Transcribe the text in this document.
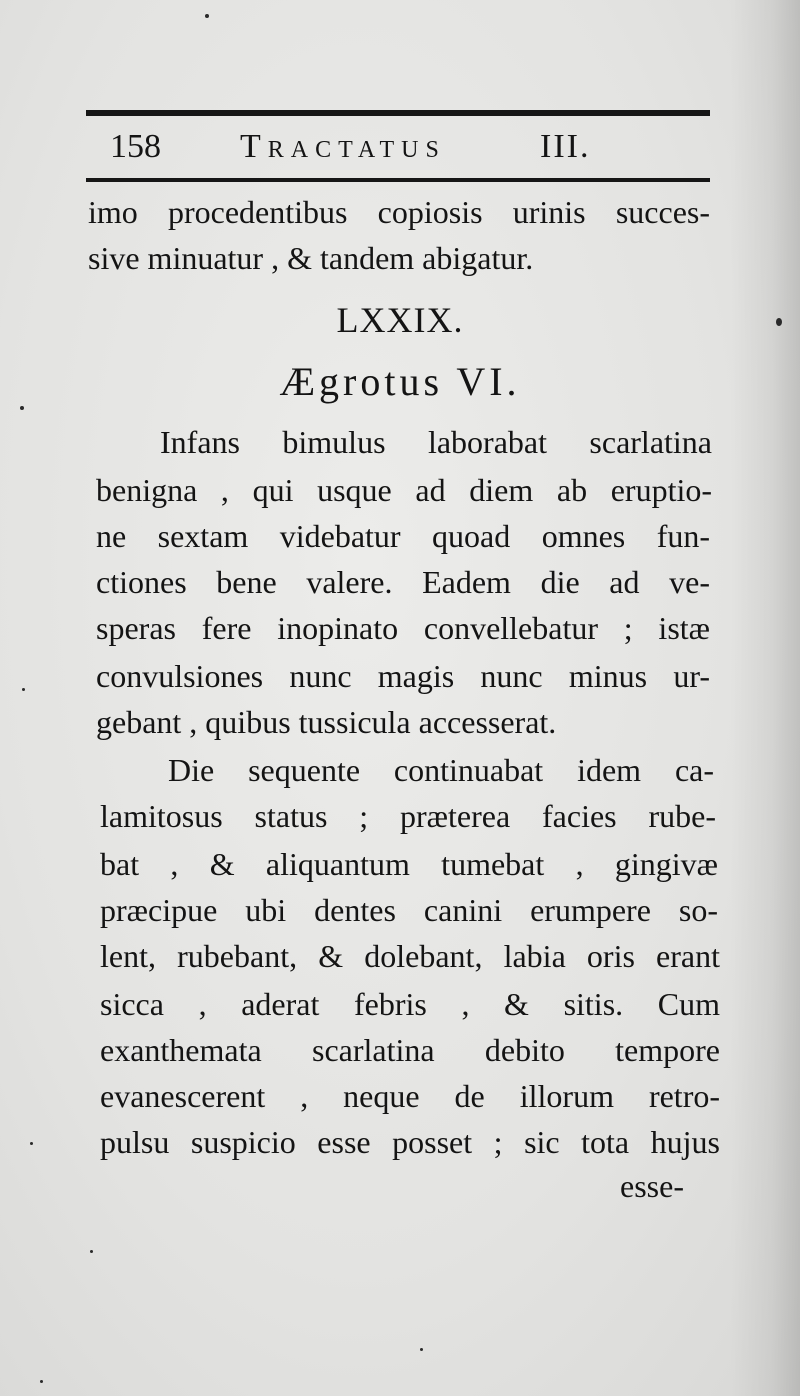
158 Tractatus	III.
imo procedentibus copiosis urinis succes-
sive minuatur , & tandem abigatur.
LXXIX.
Ægrotus VI.
Infans bimulus laborabat scarlatina
benigna , qui usque ad diem ab eruptio-
ne sextam videbatur quoad omnes fun-
ctiones bene valere. Eadem die ad ve-
speras fere inopinato convellebatur ; istæ
convulsiones nunc magis nunc minus ur-
gebant , quibus tussicula accesserat.
Die sequente continuabat idem ca-
lamitosus status ; præterea facies rube-
bat , & aliquantum tumebat , gingivæ
præcipue ubi dentes canini erumpere so-
lent, rubebant, & dolebant, labia oris erant
sicca , aderat febris , & sitis. Cum
exanthemata scarlatina debito tempore
evanescerent , neque de illorum retro-
pulsu suspicio esse posset ; sic tota hujus
esse-
